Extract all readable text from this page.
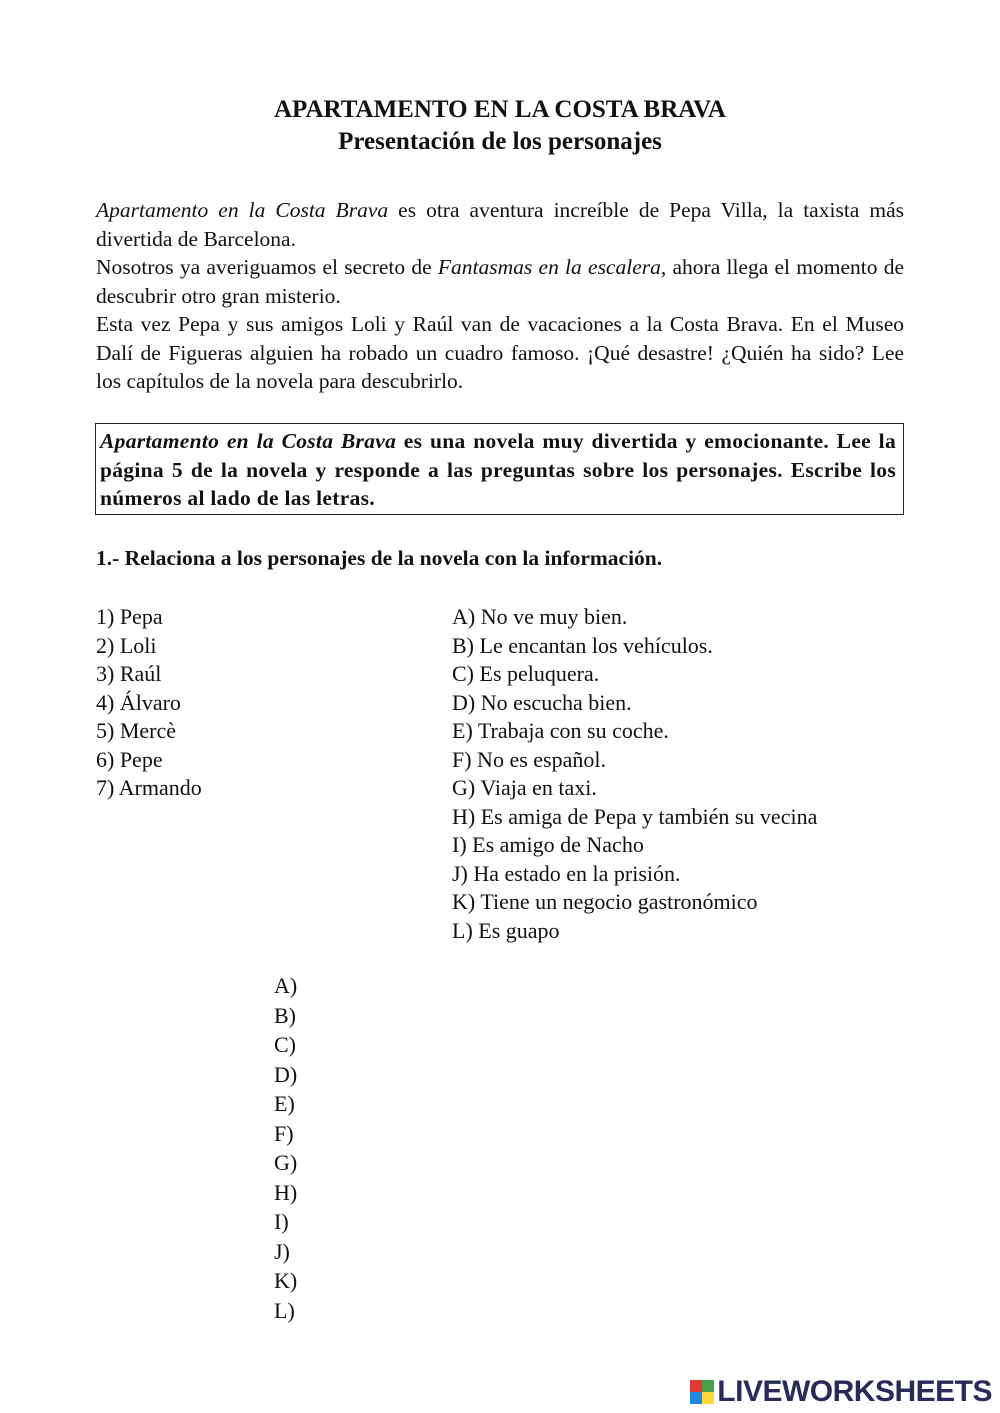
APARTAMENTO EN LA COSTA BRAVA
Presentación de los personajes

Apartamento en la Costa Brava es otra aventura increíble de Pepa Villa, la taxista más divertida de Barcelona.

Nosotros ya averiguamos el secreto de Fantasmas en la escalera, ahora llega el momento de descubrir otro gran misterio.

Esta vez Pepa y sus amigos Loli y Raúl van de vacaciones a la Costa Brava. En el Museo Dalí de Figueras alguien ha robado un cuadro famoso. ¡Qué desastre! ¿Quién ha sido? Lee los capítulos de la novela para descubrirlo.

Apartamento en la Costa Brava es una novela muy divertida y emocionante. Lee la página 5 de la novela y responde a las preguntas sobre los personajes. Escribe los números al lado de las letras.
1.- Relaciona a los personajes de la novela con la información.
1) Pepa
2) Loli
3) Raúl
4) Álvaro
5) Mercè
6) Pepe
7) Armando
A) No ve muy bien.
B) Le encantan los vehículos.
C) Es peluquera.
D) No escucha bien.
E) Trabaja con su coche.
F) No es español.
G) Viaja en taxi.
H) Es amiga de Pepa y también su vecina
I) Es amigo de Nacho
J) Ha estado en la prisión.
K) Tiene un negocio gastronómico
L) Es guapo
A)
B)
C)
D)
E)
F)
G)
H)
I)
J)
K)
L)
LIVEWORKSHEETS
